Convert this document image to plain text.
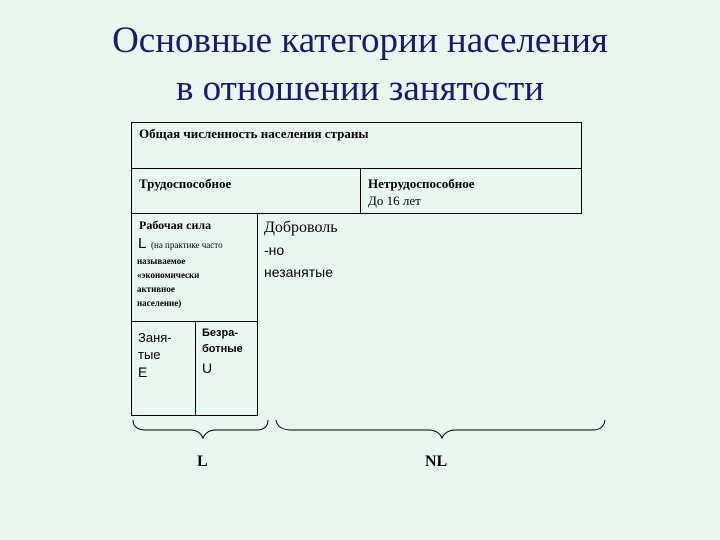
Основные категории населения
в отношении занятости
Общая численность населения страны
Трудоспособное	Нетрудоспособное
До 16 лет
Рабочая сила
L (на практике часто
называемое
«экономически
активное
население)
Доброволь
-но
незанятые
Заня-
тые
E
Безра-
ботные
U
L	NL
